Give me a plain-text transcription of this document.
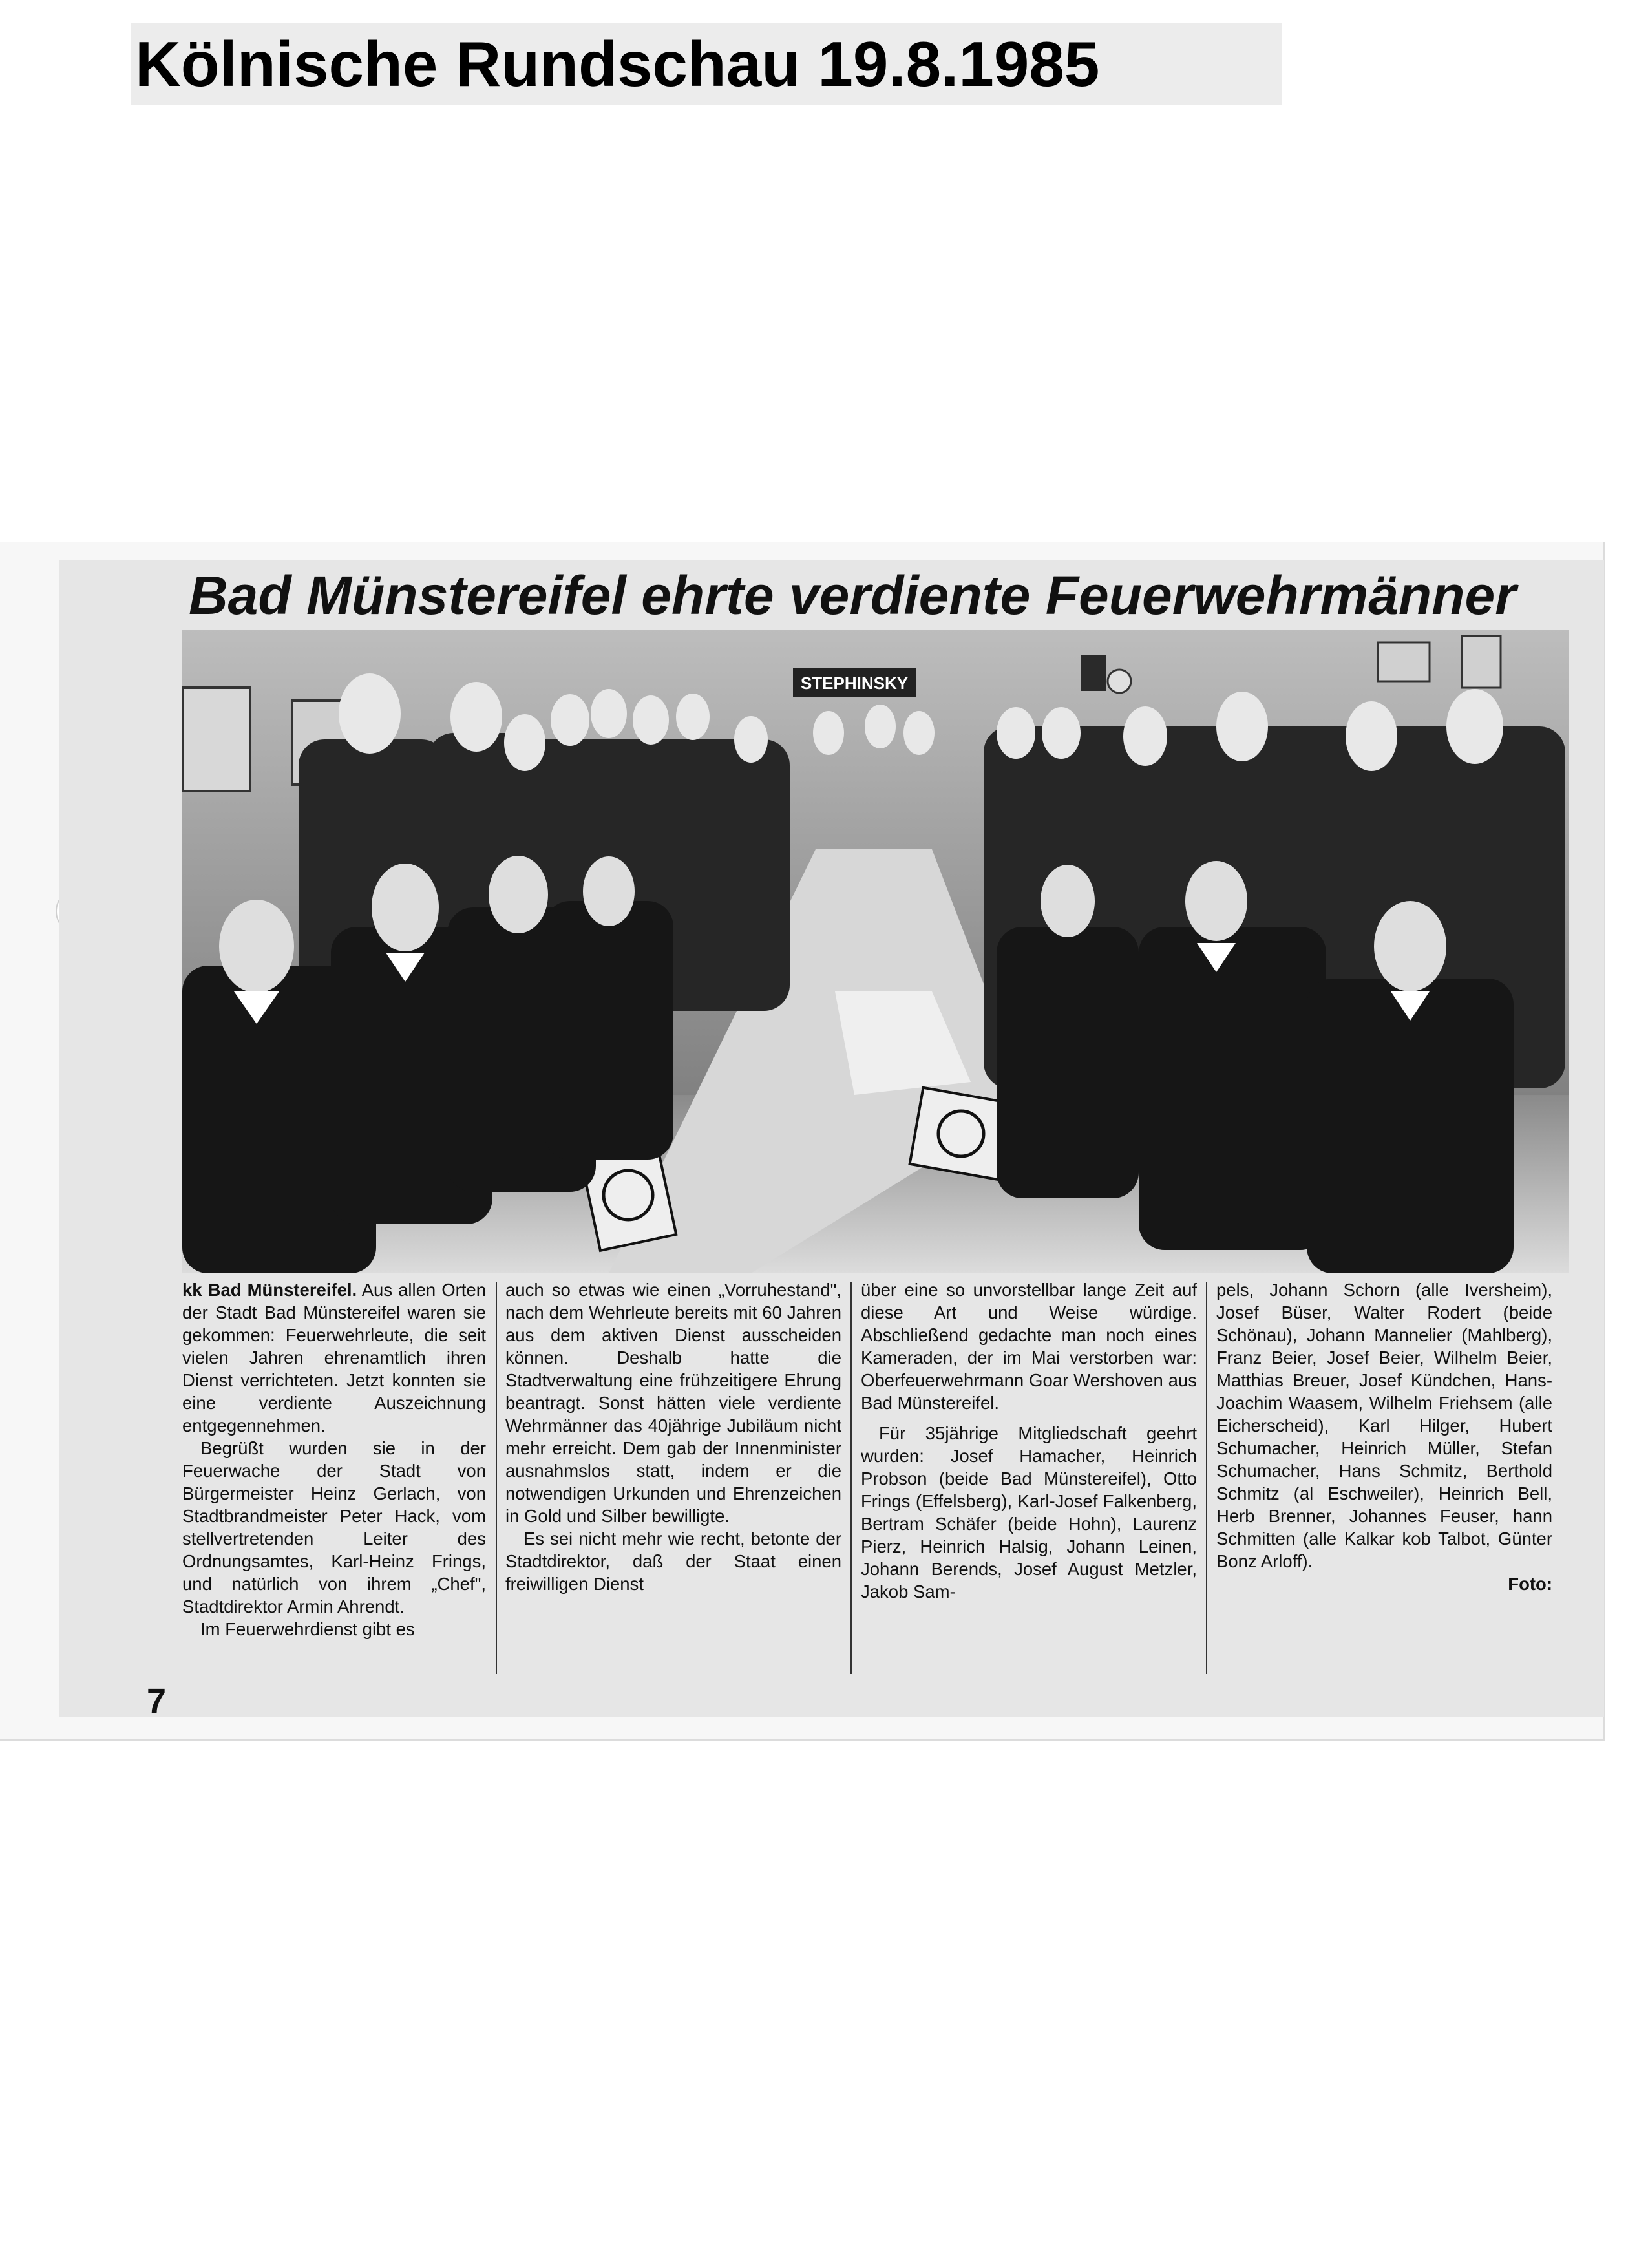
Kölnische Rundschau 19.8.1985
Bad Münstereifel ehrte verdiente Feuerwehrmänner
STEPHINSKY

kk Bad Münstereifel. Aus allen Orten der Stadt Bad Münstereifel waren sie gekommen: Feuerwehrleute, die seit vielen Jahren ehrenamtlich ihren Dienst verrichteten. Jetzt konnten sie eine verdiente Auszeichnung entgegennehmen.

Begrüßt wurden sie in der Feuerwache der Stadt von Bürgermeister Heinz Gerlach, von Stadtbrandmeister Peter Hack, vom stellvertretenden Leiter des Ordnungsamtes, Karl-Heinz Frings, und natürlich von ihrem „Chef", Stadtdirektor Armin Ahrendt.

Im Feuerwehrdienst gibt es

auch so etwas wie einen „Vorruhestand", nach dem Wehrleute bereits mit 60 Jahren aus dem aktiven Dienst ausscheiden können. Deshalb hatte die Stadtverwaltung eine frühzeitigere Ehrung beantragt. Sonst hätten viele verdiente Wehrmänner das 40jährige Jubiläum nicht mehr erreicht. Dem gab der Innenminister ausnahmslos statt, indem er die notwendigen Urkunden und Ehrenzeichen in Gold und Silber bewilligte.

Es sei nicht mehr wie recht, betonte der Stadtdirektor, daß der Staat einen freiwilligen Dienst

über eine so unvorstellbar lange Zeit auf diese Art und Weise würdige. Abschließend gedachte man noch eines Kameraden, der im Mai verstorben war: Oberfeuerwehrmann Goar Wershoven aus Bad Münstereifel.

Für 35jährige Mitgliedschaft geehrt wurden: Josef Hamacher, Heinrich Probson (beide Bad Münstereifel), Otto Frings (Effelsberg), Karl-Josef Falkenberg, Bertram Schäfer (beide Hohn), Laurenz Pierz, Heinrich Halsig, Johann Leinen, Johann Berends, Josef August Metzler, Jakob Sam-

pels, Johann Schorn (alle Iversheim), Josef Büser, Walter Rodert (beide Schönau), Johann Mannelier (Mahlberg), Franz Beier, Josef Beier, Wilhelm Beier, Matthias Breuer, Josef Kündchen, Hans-Joachim Waasem, Wilhelm Friehsem (alle Eicherscheid), Karl Hilger, Hubert Schumacher, Heinrich Müller, Stefan Schumacher, Hans Schmitz, Berthold Schmitz (al Eschweiler), Heinrich Bell, Herb Brenner, Johannes Feuser, hann Schmitten (alle Kalkar kob Talbot, Günter Bonz Arloff).

Foto:

7
